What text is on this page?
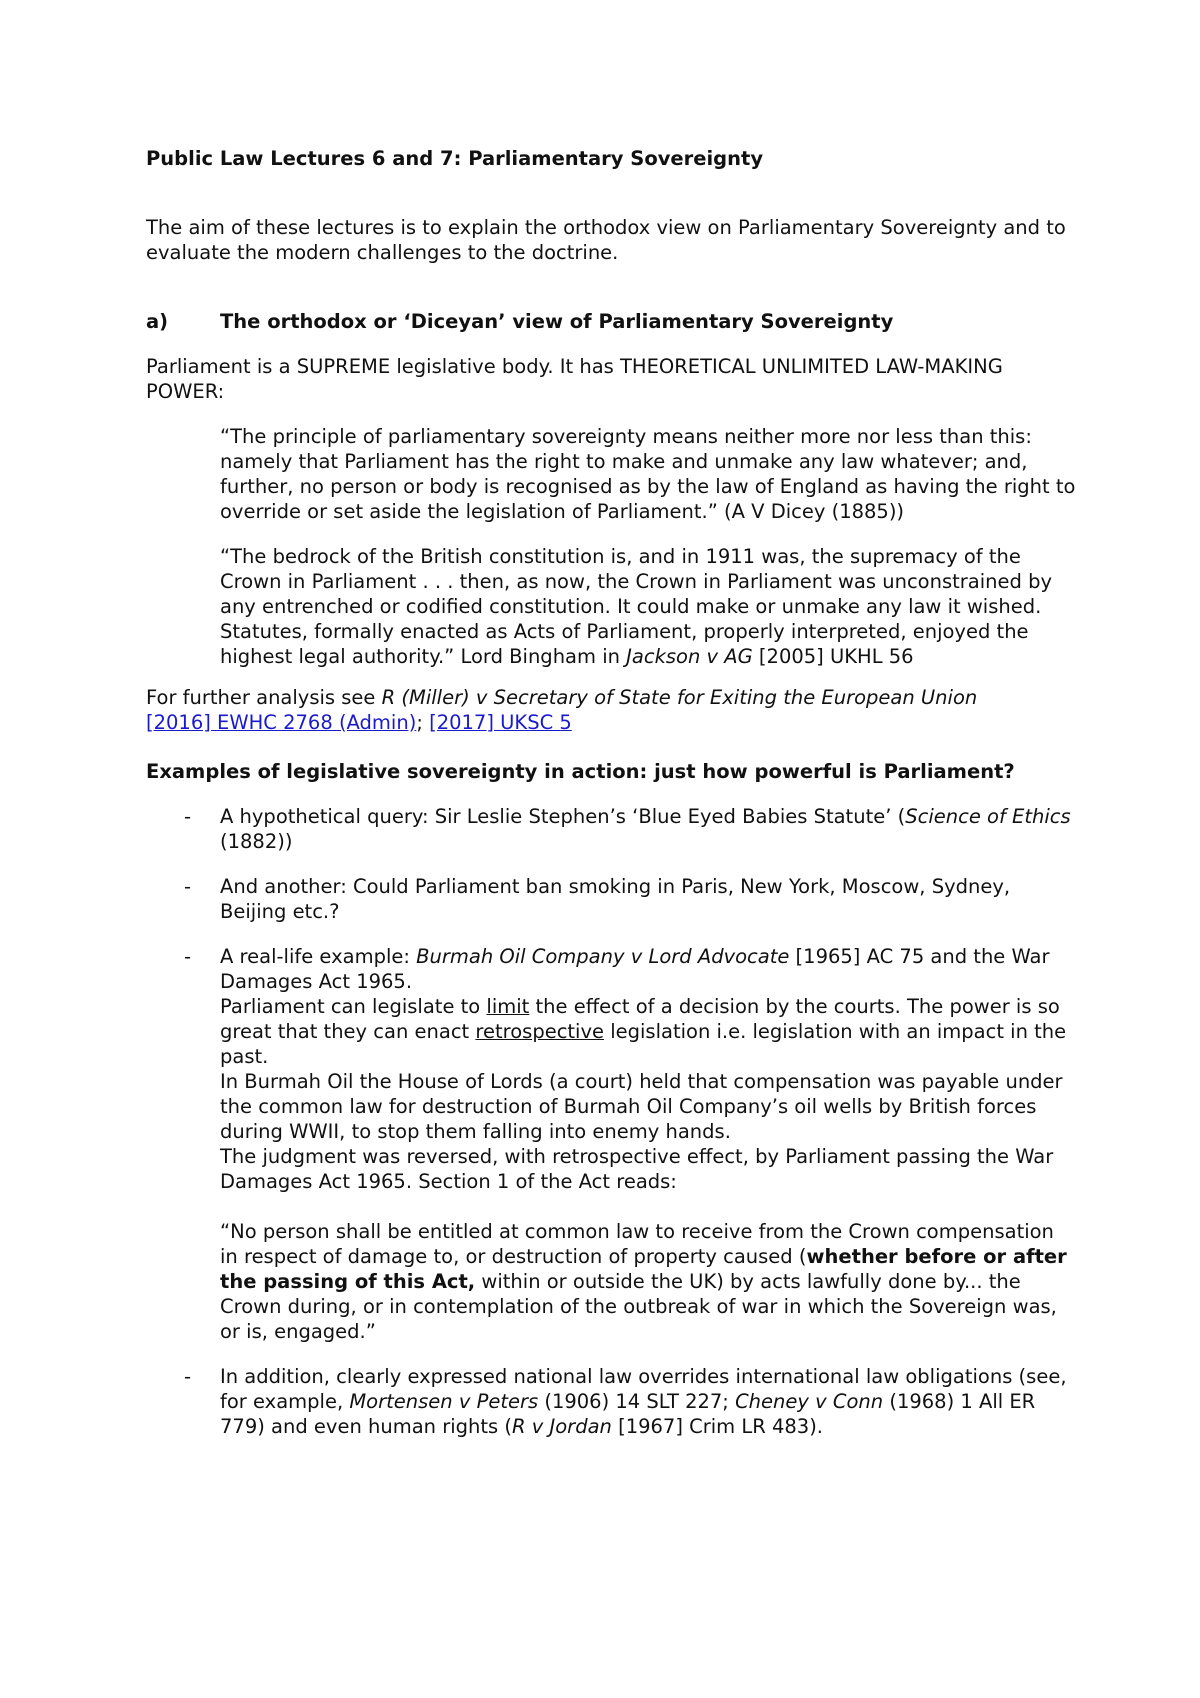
Public Law Lectures 6 and 7: Parliamentary Sovereignty

The aim of these lectures is to explain the orthodox view on Parliamentary Sovereignty and to evaluate the modern challenges to the doctrine.

a)	The orthodox or ‘Diceyan’ view of Parliamentary Sovereignty

Parliament is a SUPREME legislative body. It has THEORETICAL UNLIMITED LAW-MAKING POWER:

“The principle of parliamentary sovereignty means neither more nor less than this: namely that Parliament has the right to make and unmake any law whatever; and, further, no person or body is recognised as by the law of England as having the right to override or set aside the legislation of Parliament.” (A V Dicey (1885))

“The bedrock of the British constitution is, and in 1911 was, the supremacy of the Crown in Parliament . . . then, as now, the Crown in Parliament was unconstrained by any entrenched or codified constitution. It could make or unmake any law it wished. Statutes, formally enacted as Acts of Parliament, properly interpreted, enjoyed the highest legal authority.” Lord Bingham in Jackson v AG [2005] UKHL 56

For further analysis see R (Miller) v Secretary of State for Exiting the European Union
[2016] EWHC 2768 (Admin); [2017] UKSC 5

Examples of legislative sovereignty in action: just how powerful is Parliament?

-	A hypothetical query: Sir Leslie Stephen’s ‘Blue Eyed Babies Statute’ (Science of Ethics (1882))
-	And another: Could Parliament ban smoking in Paris, New York, Moscow, Sydney, Beijing etc.?
-	A real-life example: Burmah Oil Company v Lord Advocate [1965] AC 75 and the War Damages Act 1965.
Parliament can legislate to limit the effect of a decision by the courts. The power is so great that they can enact retrospective legislation i.e. legislation with an impact in the past.
In Burmah Oil the House of Lords (a court) held that compensation was payable under the common law for destruction of Burmah Oil Company’s oil wells by British forces during WWII, to stop them falling into enemy hands.
The judgment was reversed, with retrospective effect, by Parliament passing the War Damages Act 1965. Section 1 of the Act reads:
“No person shall be entitled at common law to receive from the Crown compensation in respect of damage to, or destruction of property caused (whether before or after the passing of this Act, within or outside the UK) by acts lawfully done by... the Crown during, or in contemplation of the outbreak of war in which the Sovereign was, or is, engaged.”
-	In addition, clearly expressed national law overrides international law obligations (see, for example, Mortensen v Peters (1906) 14 SLT 227; Cheney v Conn (1968) 1 All ER 779) and even human rights (R v Jordan [1967] Crim LR 483).
